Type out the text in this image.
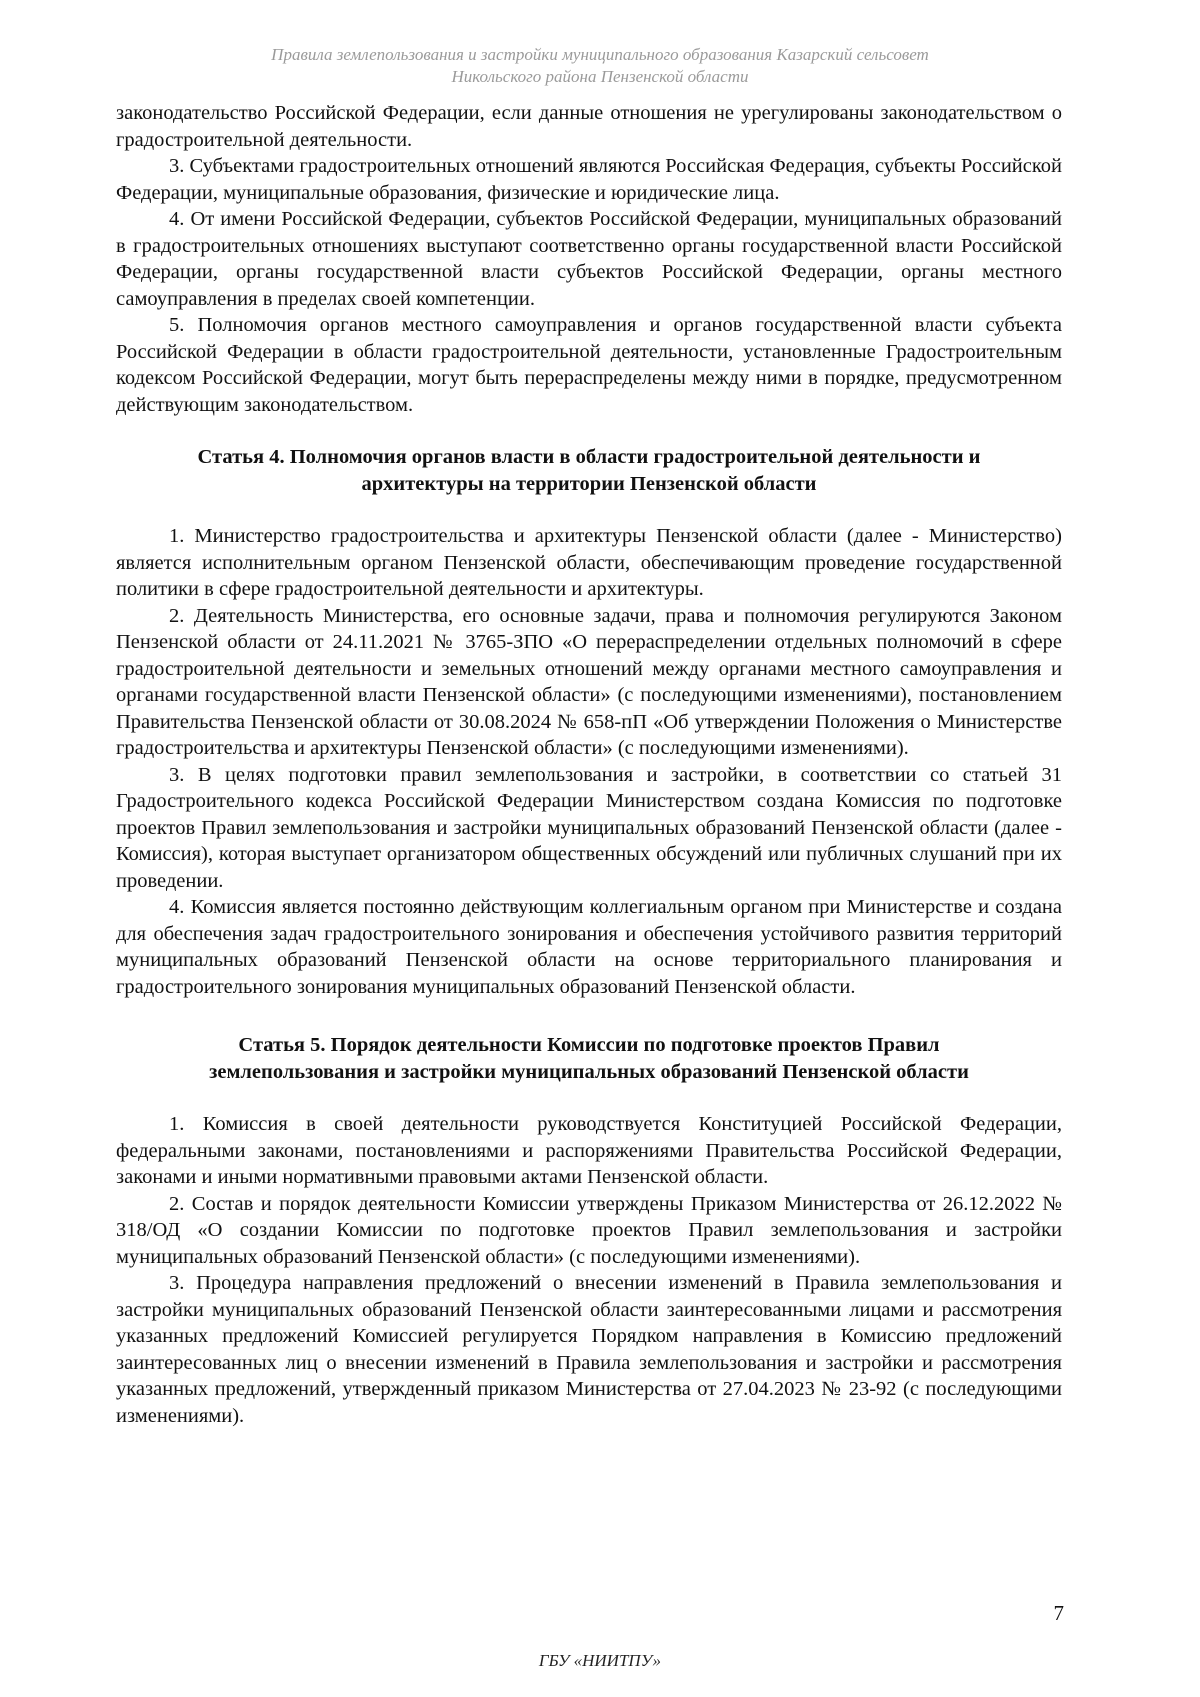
Правила землепользования и застройки муниципального образования Казарский сельсовет
Никольского района Пензенской области

законодательство Российской Федерации, если данные отношения не урегулированы законодательством о градостроительной деятельности.

3. Субъектами градостроительных отношений являются Российская Федерация, субъекты Российской Федерации, муниципальные образования, физические и юридические лица.

4. От имени Российской Федерации, субъектов Российской Федерации, муниципальных образований в градостроительных отношениях выступают соответственно органы государственной власти Российской Федерации, органы государственной власти субъектов Российской Федерации, органы местного самоуправления в пределах своей компетенции.

5. Полномочия органов местного самоуправления и органов государственной власти субъекта Российской Федерации в области градостроительной деятельности, установленные Градостроительным кодексом Российской Федерации, могут быть перераспределены между ними в порядке, предусмотренном действующим законодательством.

Статья 4. Полномочия органов власти в области градостроительной деятельности и
архитектуры на территории Пензенской области

1. Министерство градостроительства и архитектуры Пензенской области (далее - Министерство) является исполнительным органом Пензенской области, обеспечивающим проведение государственной политики в сфере градостроительной деятельности и архитектуры.

2. Деятельность Министерства, его основные задачи, права и полномочия регулируются Законом Пензенской области от 24.11.2021 № 3765-ЗПО «О перераспределении отдельных полномочий в сфере градостроительной деятельности и земельных отношений между органами местного самоуправления и органами государственной власти Пензенской области» (с последующими изменениями), постановлением Правительства Пензенской области от 30.08.2024 № 658-пП «Об утверждении Положения о Министерстве градостроительства и архитектуры Пензенской области» (с последующими изменениями).

3. В целях подготовки правил землепользования и застройки, в соответствии со статьей 31 Градостроительного кодекса Российской Федерации Министерством создана Комиссия по подготовке проектов Правил землепользования и застройки муниципальных образований Пензенской области (далее - Комиссия), которая выступает организатором общественных обсуждений или публичных слушаний при их проведении.

4. Комиссия является постоянно действующим коллегиальным органом при Министерстве и создана для обеспечения задач градостроительного зонирования и обеспечения устойчивого развития территорий муниципальных образований Пензенской области на основе территориального планирования и градостроительного зонирования муниципальных образований Пензенской области.

Статья 5. Порядок деятельности Комиссии по подготовке проектов Правил
землепользования и застройки муниципальных образований Пензенской области

1. Комиссия в своей деятельности руководствуется Конституцией Российской Федерации, федеральными законами, постановлениями и распоряжениями Правительства Российской Федерации, законами и иными нормативными правовыми актами Пензенской области.

2. Состав и порядок деятельности Комиссии утверждены Приказом Министерства от 26.12.2022 № 318/ОД «О создании Комиссии по подготовке проектов Правил землепользования и застройки муниципальных образований Пензенской области» (с последующими изменениями).

3. Процедура направления предложений о внесении изменений в Правила землепользования и застройки муниципальных образований Пензенской области заинтересованными лицами и рассмотрения указанных предложений Комиссией регулируется Порядком направления в Комиссию предложений заинтересованных лиц о внесении изменений в Правила землепользования и застройки и рассмотрения указанных предложений, утвержденный приказом Министерства от 27.04.2023 № 23-92 (с последующими изменениями).

7
ГБУ «НИИТПУ»
